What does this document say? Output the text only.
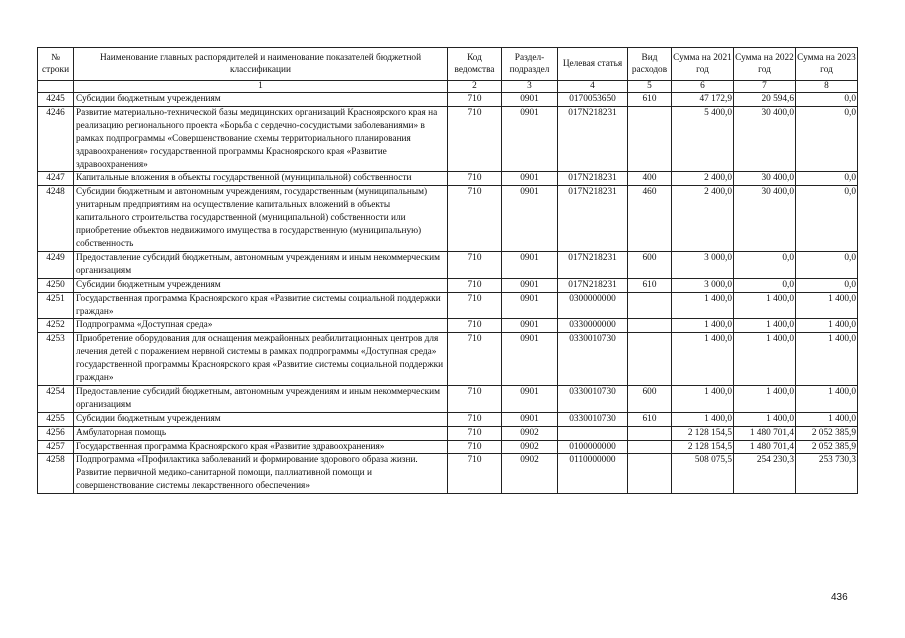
№ строки	Наименование главных распорядителей и наименование показателей бюджетной классификации	Код ведомства	Раздел-подраздел	Целевая статья	Вид расходов	Сумма на 2021 год	Сумма на 2022 год	Сумма на 2023 год
	1	2	3	4	5	6	7	8
4245	Субсидии бюджетным учреждениям	710	0901	0170053650	610	47 172,9	20 594,6	0,0
4246	Развитие материально-технической базы медицинских организаций Красноярского края на реализацию регионального проекта «Борьба с сердечно-сосудистыми заболеваниями» в рамках подпрограммы «Совершенствование схемы территориального планирования здравоохранения» государственной программы Красноярского края «Развитие здравоохранения»	710	0901	017N218231		5 400,0	30 400,0	0,0
4247	Капитальные вложения в объекты государственной (муниципальной) собственности	710	0901	017N218231	400	2 400,0	30 400,0	0,0
4248	Субсидии бюджетным и автономным учреждениям, государственным (муниципальным) унитарным предприятиям на осуществление капитальных вложений в объекты капитального строительства государственной (муниципальной) собственности или приобретение объектов недвижимого имущества в государственную (муниципальную) собственность	710	0901	017N218231	460	2 400,0	30 400,0	0,0
4249	Предоставление субсидий бюджетным, автономным учреждениям и иным некоммерческим организациям	710	0901	017N218231	600	3 000,0	0,0	0,0
4250	Субсидии бюджетным учреждениям	710	0901	017N218231	610	3 000,0	0,0	0,0
4251	Государственная программа Красноярского края «Развитие системы социальной поддержки граждан»	710	0901	0300000000		1 400,0	1 400,0	1 400,0
4252	Подпрограмма «Доступная среда»	710	0901	0330000000		1 400,0	1 400,0	1 400,0
4253	Приобретение оборудования для оснащения межрайонных реабилитационных центров для лечения детей с поражением нервной системы в рамках подпрограммы «Доступная среда» государственной программы Красноярского края «Развитие системы социальной поддержки граждан»	710	0901	0330010730		1 400,0	1 400,0	1 400,0
4254	Предоставление субсидий бюджетным, автономным учреждениям и иным некоммерческим организациям	710	0901	0330010730	600	1 400,0	1 400,0	1 400,0
4255	Субсидии бюджетным учреждениям	710	0901	0330010730	610	1 400,0	1 400,0	1 400,0
4256	Амбулаторная помощь	710	0902			2 128 154,5	1 480 701,4	2 052 385,9
4257	Государственная программа Красноярского края «Развитие здравоохранения»	710	0902	0100000000		2 128 154,5	1 480 701,4	2 052 385,9
4258	Подпрограмма «Профилактика заболеваний и формирование здорового образа жизни. Развитие первичной медико-санитарной помощи, паллиативной помощи и совершенствование системы лекарственного обеспечения»	710	0902	0110000000		508 075,5	254 230,3	253 730,3
436
